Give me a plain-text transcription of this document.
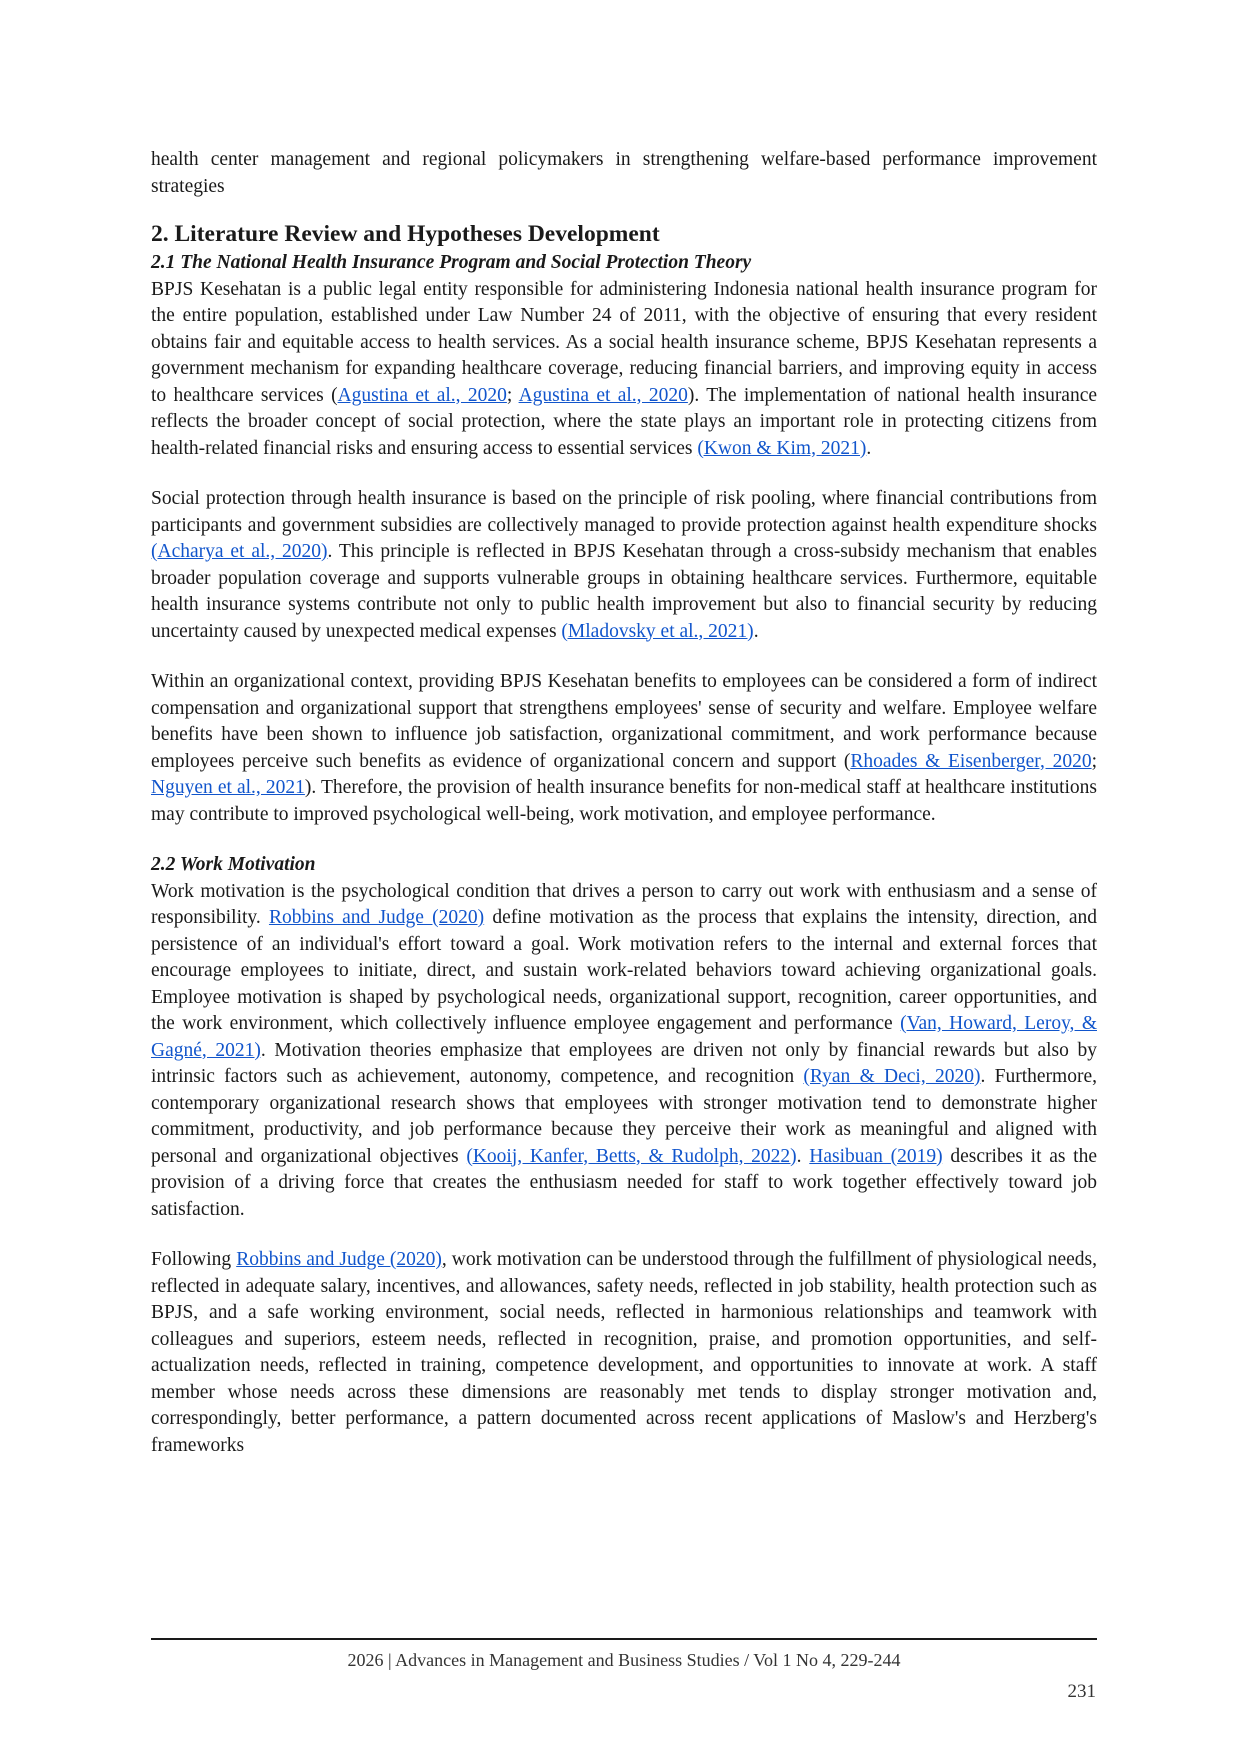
health center management and regional policymakers in strengthening welfare-based performance improvement strategies

2. Literature Review and Hypotheses Development
2.1 The National Health Insurance Program and Social Protection Theory

BPJS Kesehatan is a public legal entity responsible for administering Indonesia national health insurance program for the entire population, established under Law Number 24 of 2011, with the objective of ensuring that every resident obtains fair and equitable access to health services. As a social health insurance scheme, BPJS Kesehatan represents a government mechanism for expanding healthcare coverage, reducing financial barriers, and improving equity in access to healthcare services (Agustina et al., 2020; Agustina et al., 2020). The implementation of national health insurance reflects the broader concept of social protection, where the state plays an important role in protecting citizens from health-related financial risks and ensuring access to essential services (Kwon & Kim, 2021).

Social protection through health insurance is based on the principle of risk pooling, where financial contributions from participants and government subsidies are collectively managed to provide protection against health expenditure shocks (Acharya et al., 2020). This principle is reflected in BPJS Kesehatan through a cross-subsidy mechanism that enables broader population coverage and supports vulnerable groups in obtaining healthcare services. Furthermore, equitable health insurance systems contribute not only to public health improvement but also to financial security by reducing uncertainty caused by unexpected medical expenses (Mladovsky et al., 2021).

Within an organizational context, providing BPJS Kesehatan benefits to employees can be considered a form of indirect compensation and organizational support that strengthens employees' sense of security and welfare. Employee welfare benefits have been shown to influence job satisfaction, organizational commitment, and work performance because employees perceive such benefits as evidence of organizational concern and support (Rhoades & Eisenberger, 2020; Nguyen et al., 2021). Therefore, the provision of health insurance benefits for non-medical staff at healthcare institutions may contribute to improved psychological well-being, work motivation, and employee performance.

2.2 Work Motivation

Work motivation is the psychological condition that drives a person to carry out work with enthusiasm and a sense of responsibility. Robbins and Judge (2020) define motivation as the process that explains the intensity, direction, and persistence of an individual's effort toward a goal. Work motivation refers to the internal and external forces that encourage employees to initiate, direct, and sustain work-related behaviors toward achieving organizational goals. Employee motivation is shaped by psychological needs, organizational support, recognition, career opportunities, and the work environment, which collectively influence employee engagement and performance (Van, Howard, Leroy, & Gagné, 2021). Motivation theories emphasize that employees are driven not only by financial rewards but also by intrinsic factors such as achievement, autonomy, competence, and recognition (Ryan & Deci, 2020). Furthermore, contemporary organizational research shows that employees with stronger motivation tend to demonstrate higher commitment, productivity, and job performance because they perceive their work as meaningful and aligned with personal and organizational objectives (Kooij, Kanfer, Betts, & Rudolph, 2022). Hasibuan (2019) describes it as the provision of a driving force that creates the enthusiasm needed for staff to work together effectively toward job satisfaction.

Following Robbins and Judge (2020), work motivation can be understood through the fulfillment of physiological needs, reflected in adequate salary, incentives, and allowances, safety needs, reflected in job stability, health protection such as BPJS, and a safe working environment, social needs, reflected in harmonious relationships and teamwork with colleagues and superiors, esteem needs, reflected in recognition, praise, and promotion opportunities, and self-actualization needs, reflected in training, competence development, and opportunities to innovate at work. A staff member whose needs across these dimensions are reasonably met tends to display stronger motivation and, correspondingly, better performance, a pattern documented across recent applications of Maslow's and Herzberg's frameworks

2026 | Advances in Management and Business Studies / Vol 1 No 4, 229-244
231
